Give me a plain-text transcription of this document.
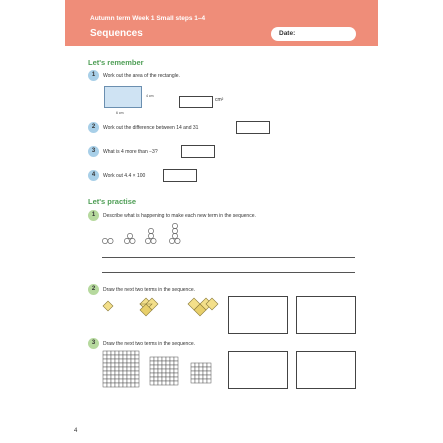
Autumn term Week 1 Small steps 1–4
Sequences	Date:
Let's remember
1	Work out the area of the rectangle.
4 cm
6 cm
cm²
2	Work out the difference between 14 and 31
3	What is 4 more than −3?
4	Work out 4.4 × 100
Let's practise
1	Describe what is happening to make each new term in the sequence.
2	Draw the next two terms in the sequence.
3	Draw the next two terms in the sequence.
4
